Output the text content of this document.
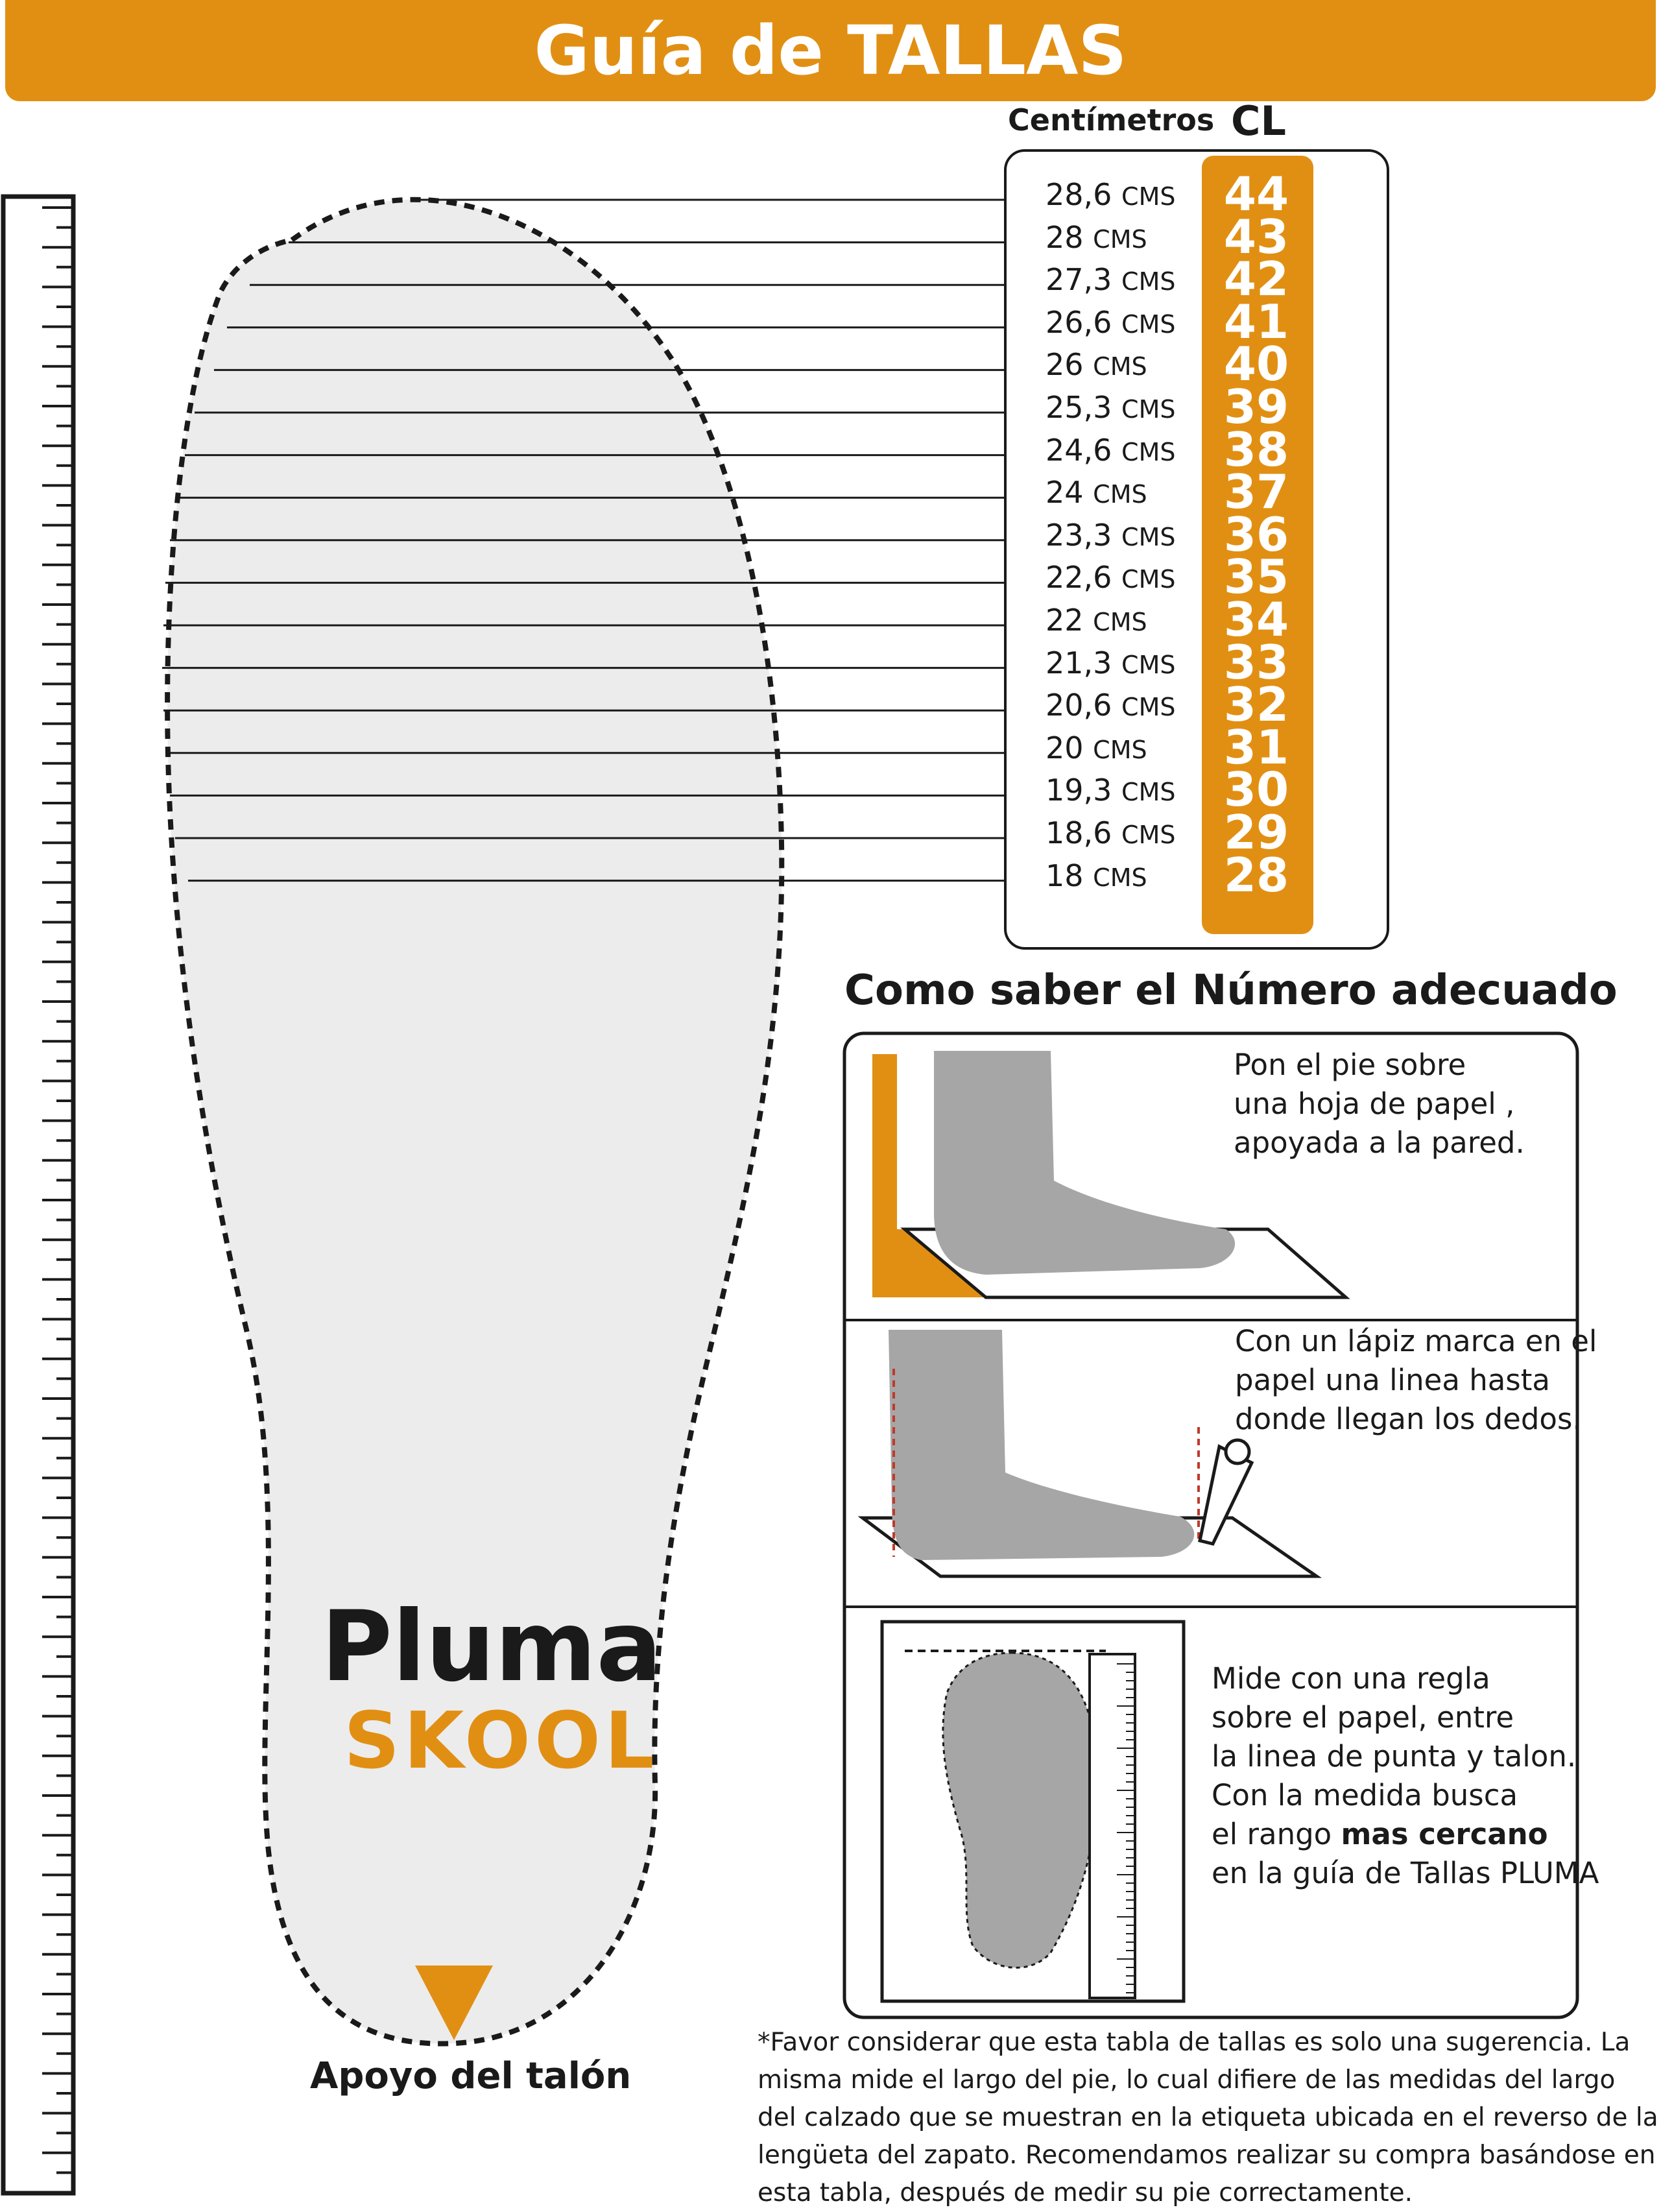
Guía de TALLAS
Pluma
SKOOL
Centímetros CL
28,6 CMS	44
28 CMS	43
27,3 CMS	42
26,6 CMS	41
26 CMS	40
25,3 CMS	39
24,6 CMS	38
24 CMS	37
23,3 CMS	36
22,6 CMS	35
22 CMS	34
21,3 CMS	33
20,6 CMS	32
20 CMS	31
19,3 CMS	30
18,6 CMS	29
18 CMS	28
Como saber el Número adecuado
Pon el pie sobre
una hoja de papel ,
apoyada a la pared.
Con un lápiz marca en el
papel una linea hasta
donde llegan los dedos.
Mide con una regla
sobre el papel, entre
la linea de punta y talon.
Con la medida busca
el rango mas cercano
en la guía de Tallas PLUMA
Apoyo del talón
*Favor considerar que esta tabla de tallas es solo una sugerencia. La misma mide el largo del pie, lo cual difiere de las medidas del largo del calzado que se muestran en la etiqueta ubicada en el reverso de la lengüeta del zapato. Recomendamos realizar su compra basándose en esta tabla, después de medir su pie correctamente.
